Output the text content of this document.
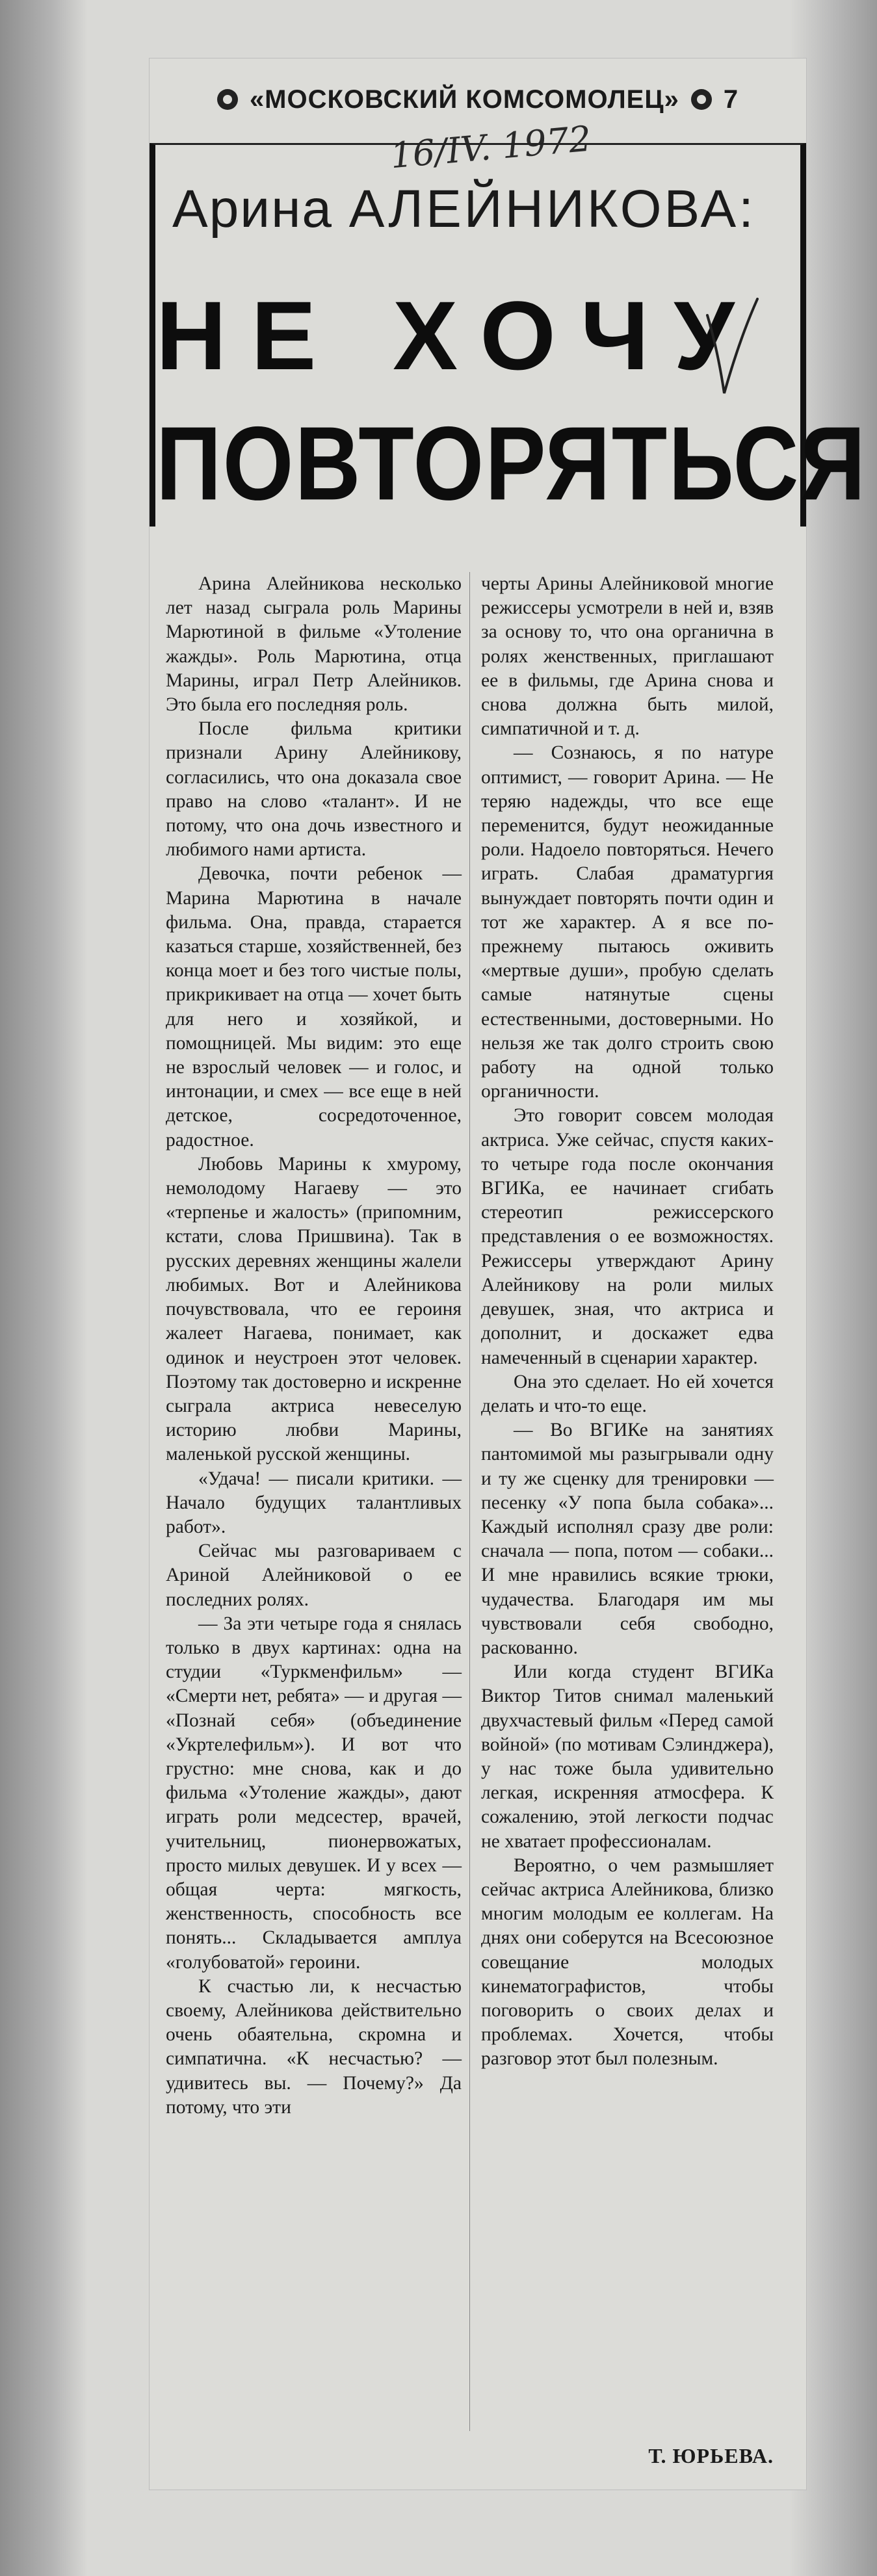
«МОСКОВСКИЙ КОМСОМОЛЕЦ» 7
16/IV. 1972
Арина АЛЕЙНИКОВА:
НЕ ХОЧУ
ПОВТОРЯТЬСЯ

Арина Алейникова несколько лет назад сыграла роль Марины Марютиной в фильме «Утоление жажды». Роль Марютина, отца Марины, играл Петр Алейников. Это была его последняя роль.

После фильма критики признали Арину Алейникову, согласились, что она доказала свое право на слово «талант». И не потому, что она дочь известного и любимого нами артиста.

Девочка, почти ребенок — Марина Марютина в начале фильма. Она, правда, старается казаться старше, хозяйственней, без конца моет и без того чистые полы, прикрикивает на отца — хочет быть для него и хозяйкой, и помощницей. Мы видим: это еще не взрослый человек — и голос, и интонации, и смех — все еще в ней детское, сосредоточенное, радостное.

Любовь Марины к хмурому, немолодому Нагаеву — это «терпенье и жалость» (припомним, кстати, слова Пришвина). Так в русских деревнях женщины жалели любимых. Вот и Алейникова почувствовала, что ее героиня жалеет Нагаева, понимает, как одинок и неустроен этот человек. Поэтому так достоверно и искренне сыграла актриса невеселую историю любви Марины, маленькой русской женщины.

«Удача! — писали критики. — Начало будущих талантливых работ».

Сейчас мы разговариваем с Ариной Алейниковой о ее последних ролях.

— За эти четыре года я снялась только в двух картинах: одна на студии «Туркменфильм» — «Смерти нет, ребята» — и другая — «Познай себя» (объединение «Укртелефильм»). И вот что грустно: мне снова, как и до фильма «Утоление жажды», дают играть роли медсестер, врачей, учительниц, пионервожатых, просто милых девушек. И у всех — общая черта: мягкость, женственность, способность все понять... Складывается амплуа «голубоватой» героини.

К счастью ли, к несчастью своему, Алейникова действительно очень обаятельна, скромна и симпатична. «К несчастью? — удивитесь вы. — Почему?» Да потому, что эти

черты Арины Алейниковой многие режиссеры усмотрели в ней и, взяв за основу то, что она органична в ролях женственных, приглашают ее в фильмы, где Арина снова и снова должна быть милой, симпатичной и т. д.

— Сознаюсь, я по натуре оптимист, — говорит Арина. — Не теряю надежды, что все еще переменится, будут неожиданные роли. Надоело повторяться. Нечего играть. Слабая драматургия вынуждает повторять почти один и тот же характер. А я все по-прежнему пытаюсь оживить «мертвые души», пробую сделать самые натянутые сцены естественными, достоверными. Но нельзя же так долго строить свою работу на одной только органичности.

Это говорит совсем молодая актриса. Уже сейчас, спустя каких-то четыре года после окончания ВГИКа, ее начинает сгибать стереотип режиссерского представления о ее возможностях. Режиссеры утверждают Арину Алейникову на роли милых девушек, зная, что актриса и дополнит, и доскажет едва намеченный в сценарии характер.

Она это сделает. Но ей хочется делать и что-то еще.

— Во ВГИКе на занятиях пантомимой мы разыгрывали одну и ту же сценку для тренировки — песенку «У попа была собака»... Каждый исполнял сразу две роли: сначала — попа, потом — собаки... И мне нравились всякие трюки, чудачества. Благодаря им мы чувствовали себя свободно, раскованно.

Или когда студент ВГИКа Виктор Титов снимал маленький двухчастевый фильм «Перед самой войной» (по мотивам Сэлинджера), у нас тоже была удивительно легкая, искренняя атмосфера. К сожалению, этой легкости подчас не хватает профессионалам.

Вероятно, о чем размышляет сейчас актриса Алейникова, близко многим молодым ее коллегам. На днях они соберутся на Всесоюзное совещание молодых кинематографистов, чтобы поговорить о своих делах и проблемах. Хочется, чтобы разговор этот был полезным.

Т. ЮРЬЕВА.
